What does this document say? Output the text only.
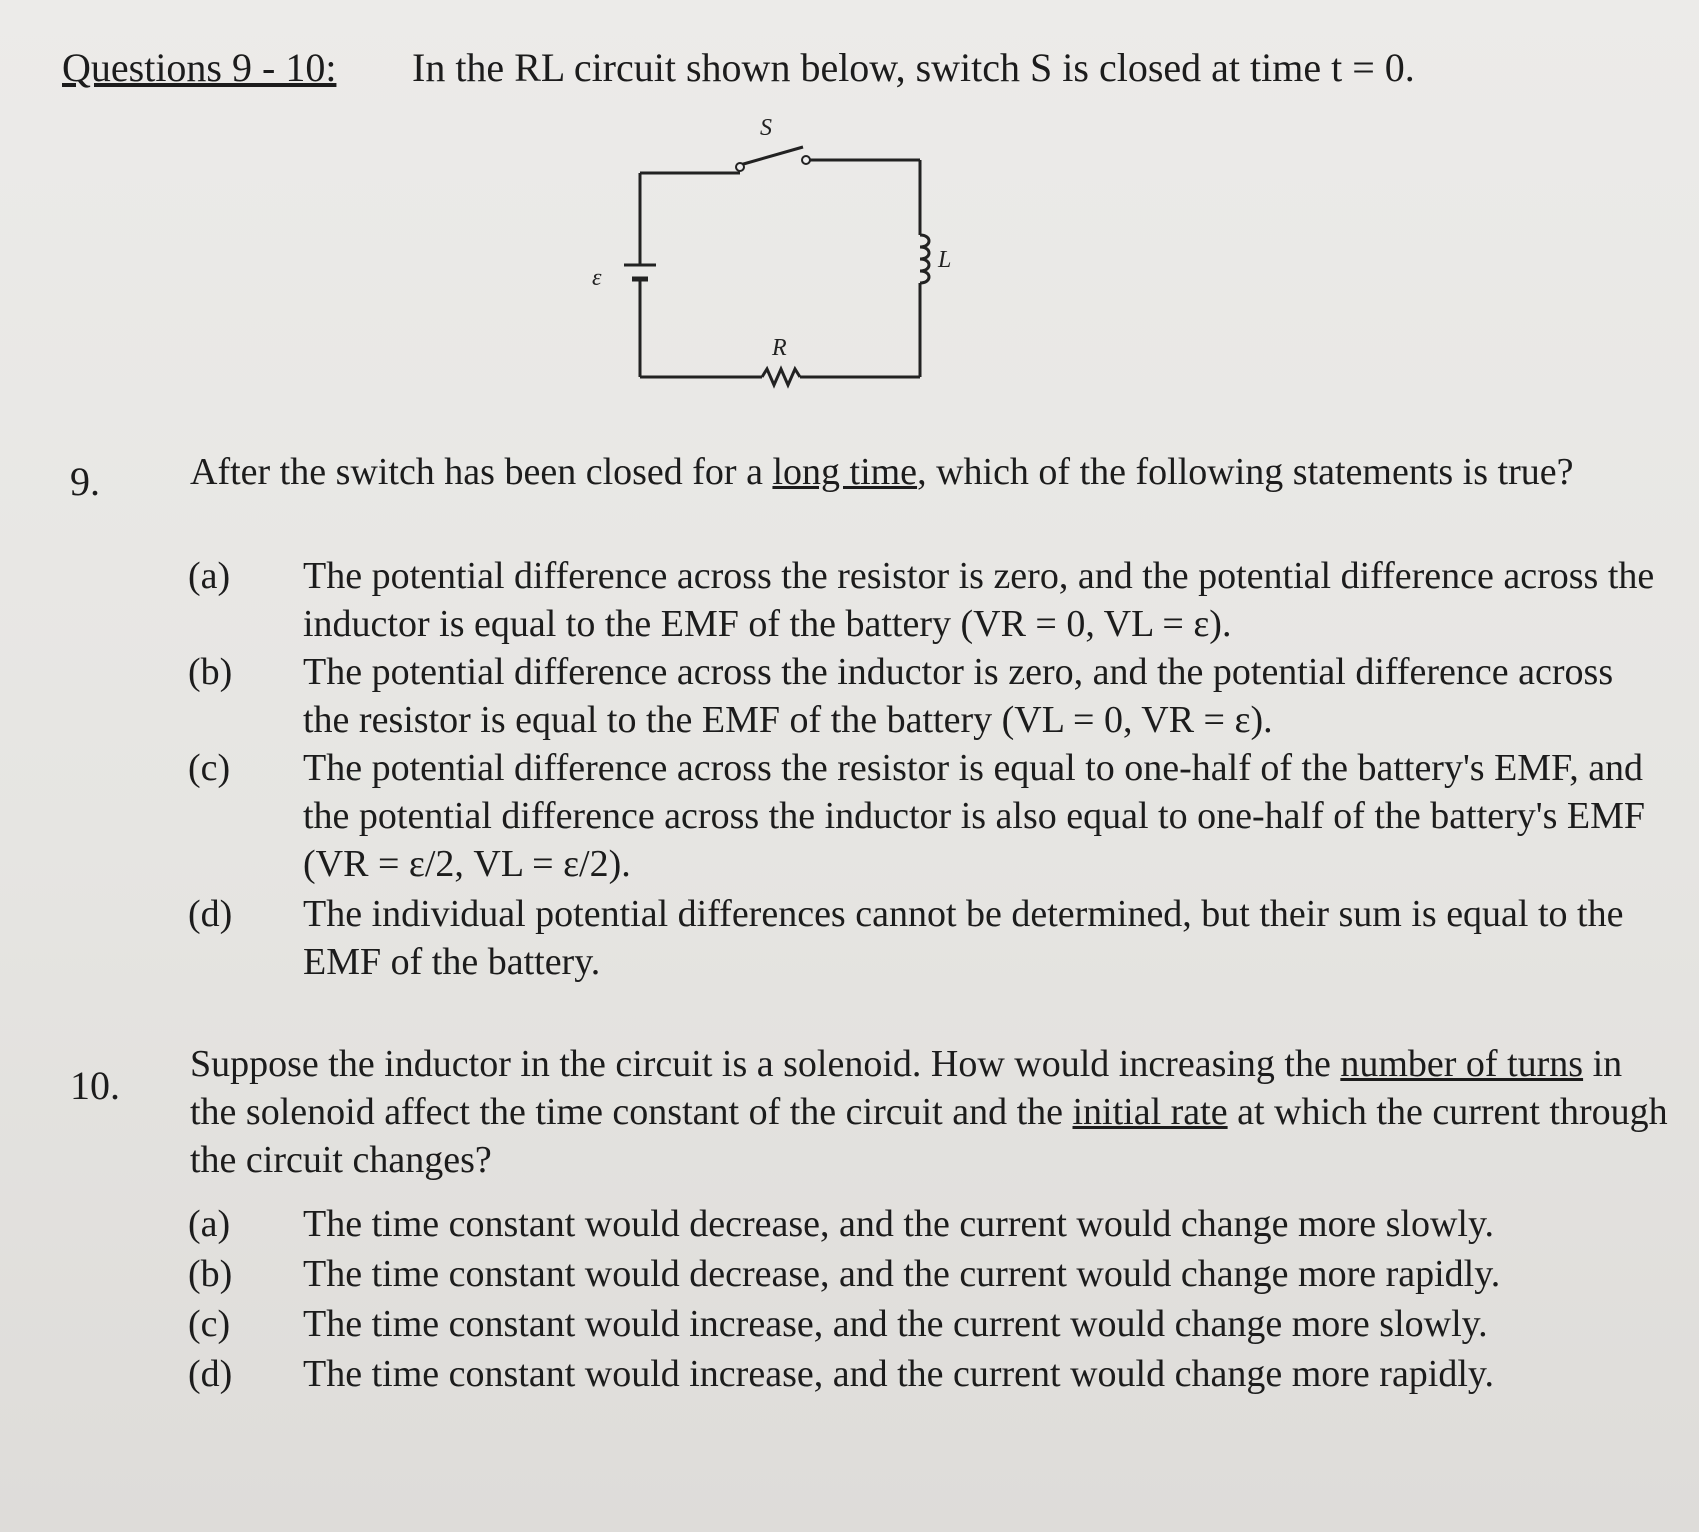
Questions 9 - 10: In the RL circuit shown below, switch S is closed at time t = 0.
S
ε
L
R
9. After the switch has been closed for a long time, which of the following statements is true?
(a)	The potential difference across the resistor is zero, and the potential difference across the inductor is equal to the EMF of the battery (VR = 0, VL = ε).
(b)	The potential difference across the inductor is zero, and the potential difference across the resistor is equal to the EMF of the battery (VL = 0, VR = ε).
(c)	The potential difference across the resistor is equal to one-half of the battery's EMF, and the potential difference across the inductor is also equal to one-half of the battery's EMF (VR = ε/2, VL = ε/2).
(d)	The individual potential differences cannot be determined, but their sum is equal to the EMF of the battery.
10. Suppose the inductor in the circuit is a solenoid. How would increasing the number of turns in the solenoid affect the time constant of the circuit and the initial rate at which the current through the circuit changes?
(a)	The time constant would decrease, and the current would change more slowly.
(b)	The time constant would decrease, and the current would change more rapidly.
(c)	The time constant would increase, and the current would change more slowly.
(d)	The time constant would increase, and the current would change more rapidly.
